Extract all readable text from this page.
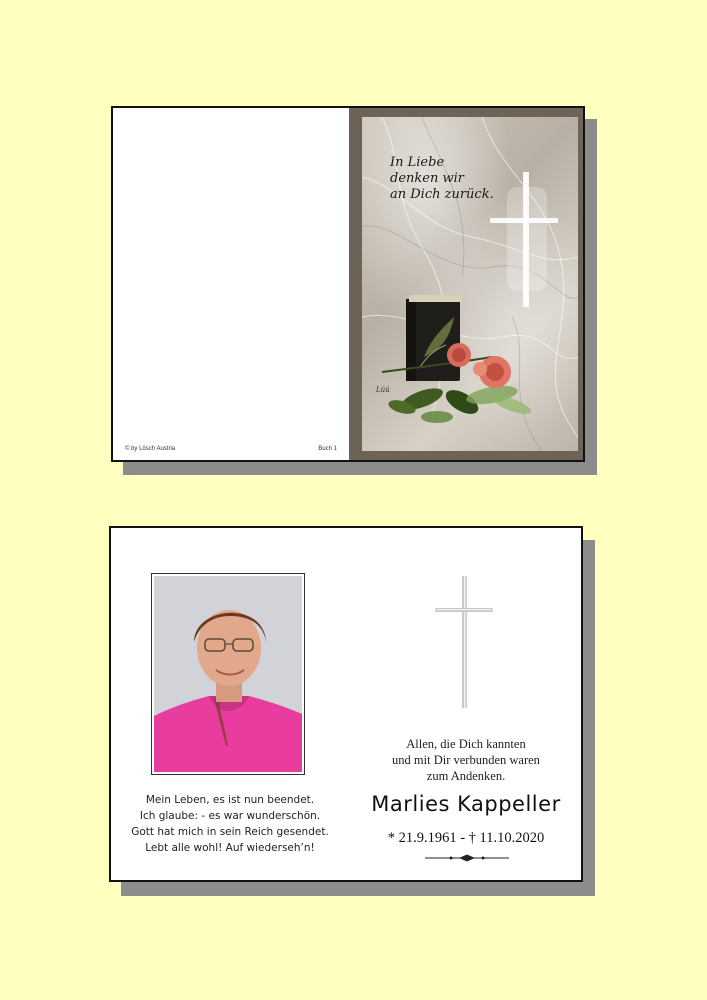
© by Lösch Austria	Buch 1
Lüü
In Liebe
denken wir
an Dich zurück.
Mein Leben, es ist nun beendet.
Ich glaube: - es war wunderschön.
Gott hat mich in sein Reich gesendet.
Lebt alle wohl! Auf wiederseh’n!
Allen, die Dich kannten
und mit Dir verbunden waren
zum Andenken.
Marlies Kappeller
* 21.9.1961 - † 11.10.2020
